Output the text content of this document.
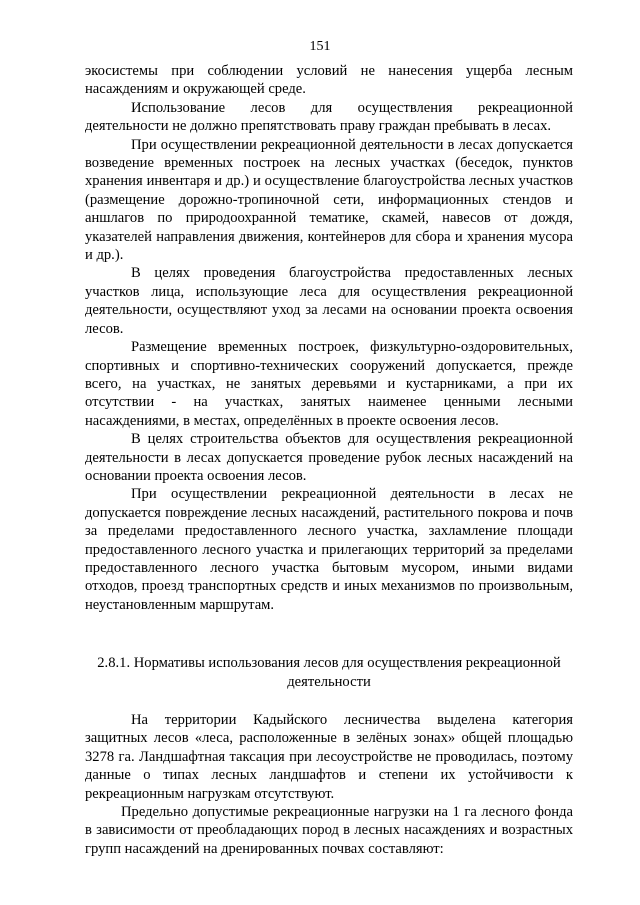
151

экосистемы при соблюдении условий не нанесения ущерба лесным насаждениям и окружающей среде.

Использование лесов для осуществления рекреационной деятельности не должно препятствовать праву граждан пребывать в лесах.

При осуществлении рекреационной деятельности в лесах допускается возведение временных построек на лесных участках (беседок, пунктов хранения инвентаря и др.) и осуществление благоустройства лесных участков (размещение дорожно-тропиночной сети, информационных стендов и аншлагов по природоохранной тематике, скамей, навесов от дождя, указателей направления движения, контейнеров для сбора и хранения мусора и др.).

В целях проведения благоустройства предоставленных лесных участков лица, использующие леса для осуществления рекреационной деятельности, осуществляют уход за лесами на основании проекта освоения лесов.

Размещение временных построек, физкультурно-оздоровительных, спортивных и спортивно-технических сооружений допускается, прежде всего, на участках, не занятых деревьями и кустарниками, а при их отсутствии - на участках, занятых наименее ценными лесными насаждениями, в местах, определённых в проекте освоения лесов.

В целях строительства объектов для осуществления рекреационной деятельности в лесах допускается проведение рубок лесных насаждений на основании проекта освоения лесов.

При осуществлении рекреационной деятельности в лесах не допускается повреждение лесных насаждений, растительного покрова и почв за пределами предоставленного лесного участка, захламление площади предоставленного лесного участка и прилегающих территорий за пределами предоставленного лесного участка бытовым мусором, иными видами отходов, проезд транспортных средств и иных механизмов по произвольным, неустановленным маршрутам.

2.8.1. Нормативы использования лесов для осуществления рекреационной
деятельности

На территории Кадыйского лесничества выделена категория защитных лесов «леса, расположенные в зелёных зонах» общей площадью 3278 га. Ландшафтная таксация при лесоустройстве не проводилась, поэтому данные о типах лесных ландшафтов и степени их устойчивости к рекреационным нагрузкам отсутствуют.

Предельно допустимые рекреационные нагрузки на 1 га лесного фонда в зависимости от преобладающих пород в лесных насаждениях и возрастных групп насаждений на дренированных почвах составляют:
